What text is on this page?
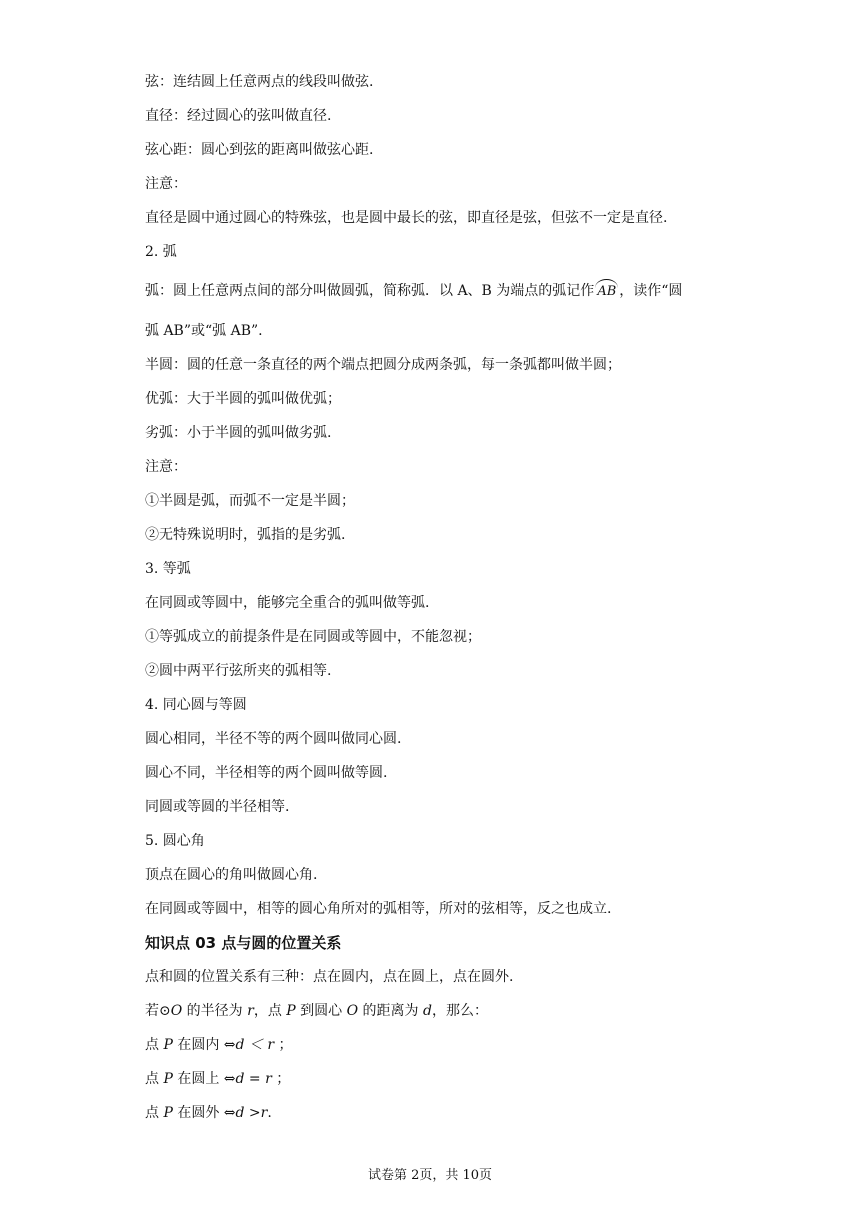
弦：连结圆上任意两点的线段叫做弦.
直径：经过圆心的弦叫做直径.
弦心距：圆心到弦的距离叫做弦心距.
注意：
直径是圆中通过圆心的特殊弦，也是圆中最长的弦，即直径是弦，但弦不一定是直径.
2. 弧
弧：圆上任意两点间的部分叫做圆弧，简称弧．以 A、B 为端点的弧记作 AB ，读作“圆
弧 AB”或“弧 AB”.
半圆：圆的任意一条直径的两个端点把圆分成两条弧，每一条弧都叫做半圆；
优弧：大于半圆的弧叫做优弧；
劣弧：小于半圆的弧叫做劣弧.
注意：
①半圆是弧，而弧不一定是半圆；
②无特殊说明时，弧指的是劣弧.
3. 等弧
在同圆或等圆中，能够完全重合的弧叫做等弧.
①等弧成立的前提条件是在同圆或等圆中，不能忽视；
②圆中两平行弦所夹的弧相等.
4. 同心圆与等圆
圆心相同，半径不等的两个圆叫做同心圆.
圆心不同，半径相等的两个圆叫做等圆.
同圆或等圆的半径相等.
5. 圆心角
顶点在圆心的角叫做圆心角.
在同圆或等圆中，相等的圆心角所对的弧相等，所对的弦相等，反之也成立.
知识点 03 点与圆的位置关系
点和圆的位置关系有三种：点在圆内，点在圆上，点在圆外.
若⊙O 的半径为 r，点 P 到圆心 O 的距离为 d，那么：
点 P 在圆内 ⇔d ＜ r ；
点 P 在圆上 ⇔d = r ；
点 P 在圆外 ⇔d >r.
试卷第 2页，共 10页
